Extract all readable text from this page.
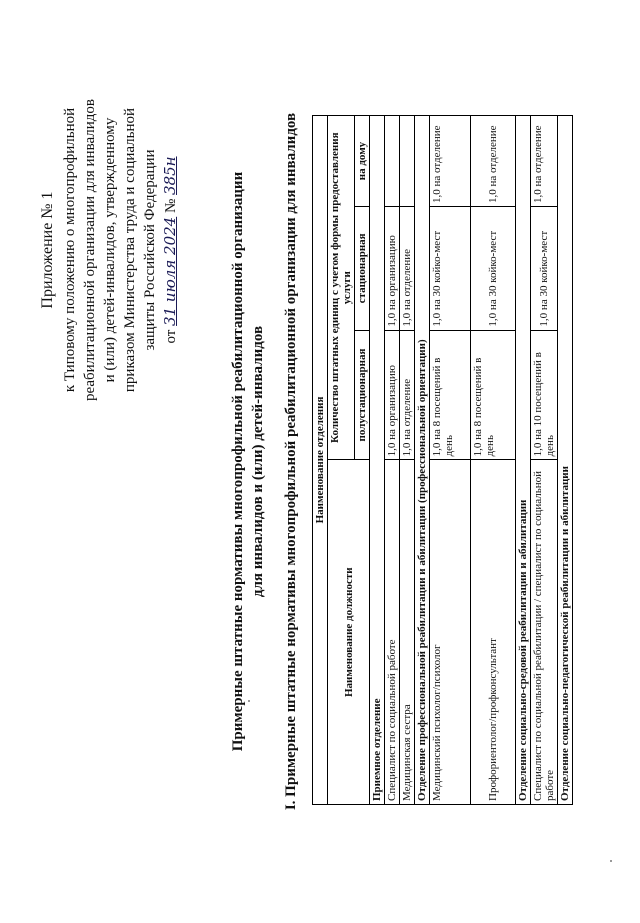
Приложение № 1 к Типовому положению о многопрофильной реабилитационной организации для инвалидов и (или) детей-инвалидов, утвержденному приказом Министерства труда и социальной защиты Российской Федерации от 31 июля 2024 № 385н	Примерные штатные нормативы многопрофильной реабилитационной организации для инвалидов и (или) детей-инвалидов I. Примерные штатные нормативы многопрофильной реабилитационной организации для инвалидов Наименование отделения			
Наименование должности	Количество штатных единиц с учетом формы предоставления услуги		
	полустационарная	стационарная	на дому
Приемное отделение			
Специалист по социальной работе	1,0 на организацию	1,0 на организацию	
Медицинская сестра	1,0 на отделение	1,0 на отделение	
Отделение профессиональной реабилитации и абилитации (профессиональной ориентации)			
Медицинский психолог/психолог	1,0 на 8 посещений в день	1,0 на 30 койко-мест	1,0 на отделение
Профориентолог/профконсультант	1,0 на 8 посещений в день	1,0 на 30 койко-мест	1,0 на отделение
Отделение социально-средовой реабилитации и абилитации			
Специалист по социальной реабилитации / специалист по социальной работе	1,0 на 10 посещений в день	1,0 на 30 койко-мест	1,0 на отделение
Отделение социально-педагогической реабилитации и абилитации			
